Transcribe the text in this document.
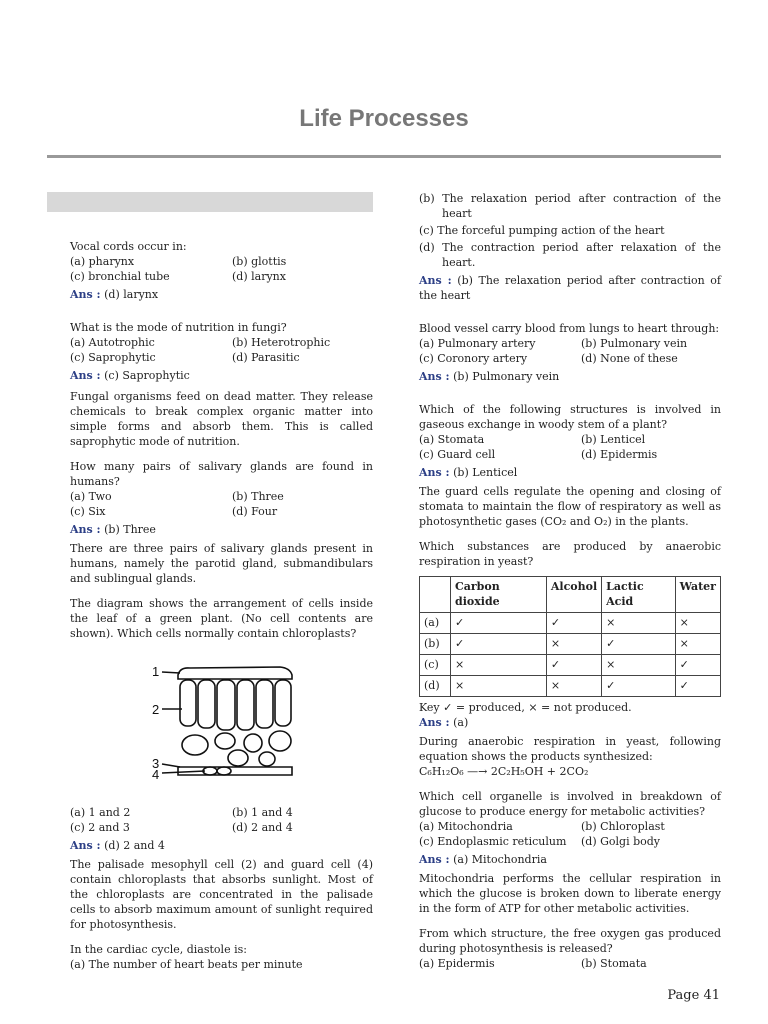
Life Processes
Vocal cords occur in:
(a) pharynx	(b) glottis
(c) bronchial tube	(d) larynx
Ans : (d) larynx
What is the mode of nutrition in fungi?
(a) Autotrophic	(b) Heterotrophic
(c) Saprophytic	(d) Parasitic
Ans : (c) Saprophytic
Fungal organisms feed on dead matter. They release chemicals to break complex organic matter into simple forms and absorb them. This is called saprophytic mode of nutrition.
How many pairs of salivary glands are found in humans?
(a) Two	(b) Three
(c) Six	(d) Four
Ans : (b) Three
There are three pairs of salivary glands present in humans, namely the parotid gland, submandibulars and sublingual glands.
The diagram shows the arrangement of cells inside the leaf of a green plant. (No cell contents are shown). Which cells normally contain chloroplasts?
1
2
3
4
(a) 1 and 2	(b) 1 and 4
(c) 2 and 3	(d) 2 and 4
Ans : (d) 2 and 4
The palisade mesophyll cell (2) and guard cell (4) contain chloroplasts that absorbs sunlight. Most of the chloroplasts are concentrated in the palisade cells to absorb maximum amount of sunlight required for photosynthesis.
In the cardiac cycle, diastole is:
(a) The number of heart beats per minute
(b) The relaxation period after contraction of the heart
(c) The forceful pumping action of the heart
(d) The contraction period after relaxation of the heart.
Ans : (b) The relaxation period after contraction of the heart
Blood vessel carry blood from lungs to heart through:
(a) Pulmonary artery	(b) Pulmonary vein
(c) Coronory artery	(d) None of these
Ans : (b) Pulmonary vein
Which of the following structures is involved in gaseous exchange in woody stem of a plant?
(a) Stomata	(b) Lenticel
(c) Guard cell	(d) Epidermis
Ans : (b) Lenticel
The guard cells regulate the opening and closing of stomata to maintain the flow of respiratory as well as photosynthetic gases (CO₂ and O₂) in the plants.
Which substances are produced by anaerobic respiration in yeast?
	Carbon dioxide	Alcohol	Lactic Acid	Water
(a)	✓	✓	×	×
(b)	✓	×	✓	×
(c)	×	✓	×	✓
(d)	×	×	✓	✓
Key ✓ = produced, × = not produced.
Ans : (a)
During anaerobic respiration in yeast, following equation shows the products synthesized:
C₆H₁₂O₆ —→ 2C₂H₅OH + 2CO₂
Which cell organelle is involved in breakdown of glucose to produce energy for metabolic activities?
(a) Mitochondria	(b) Chloroplast
(c) Endoplasmic reticulum	(d) Golgi body
Ans : (a) Mitochondria
Mitochondria performs the cellular respiration in which the glucose is broken down to liberate energy in the form of ATP for other metabolic activities.
From which structure, the free oxygen gas produced during photosynthesis is released?
(a) Epidermis	(b) Stomata
Page 41
